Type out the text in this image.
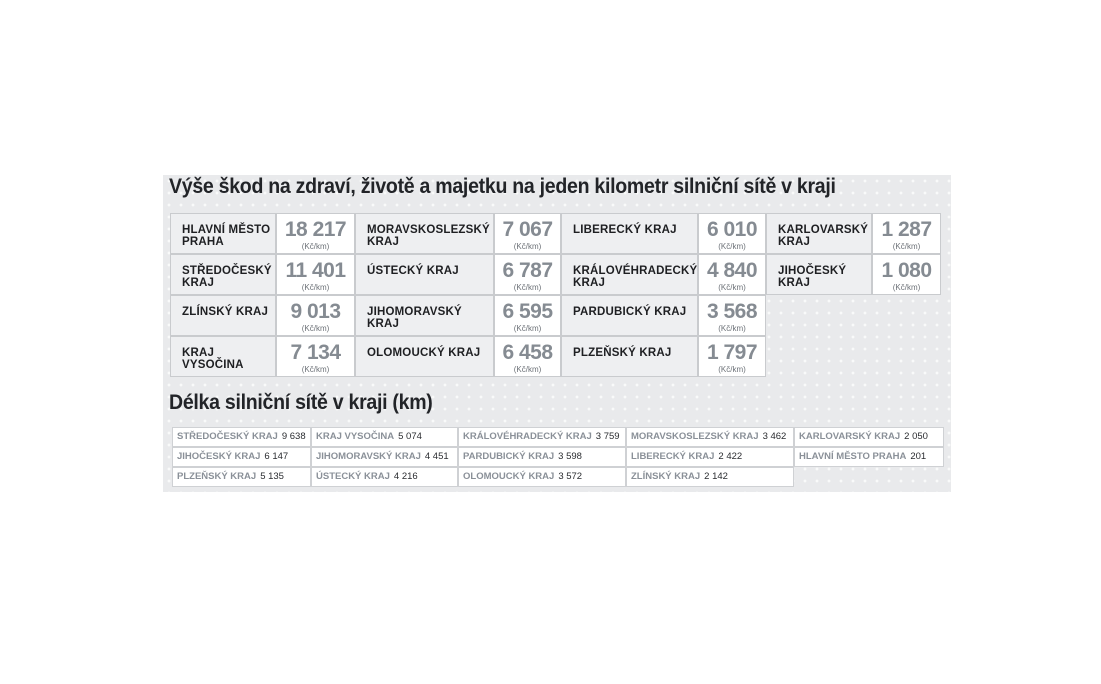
Výše škod na zdraví, životě a majetku na jeden kilometr silniční sítě v kraji
HLAVNÍ MĚSTO PRAHA
18 217
(Kč/km)
MORAVSKOSLEZSKÝ KRAJ
7 067
(Kč/km)
LIBERECKÝ KRAJ	6 010
(Kč/km)
KARLOVARSKÝ KRAJ
1 287
(Kč/km)
STŘEDOČESKÝ KRAJ
11 401
(Kč/km)
ÚSTECKÝ KRAJ	6 787
(Kč/km)
KRÁLOVÉHRADECKÝ KRAJ
4 840
(Kč/km)
JIHOČESKÝ KRAJ
1 080
(Kč/km)
ZLÍNSKÝ KRAJ	9 013
(Kč/km)
JIHOMORAVSKÝ KRAJ
6 595
(Kč/km)
PARDUBICKÝ KRAJ 3 568
(Kč/km)
KRAJ VYSOČINA
7 134
(Kč/km)
OLOMOUCKÝ KRAJ	6 458
(Kč/km)
PLZEŇSKÝ KRAJ	1 797
(Kč/km)
Délka silniční sítě v kraji (km)
STŘEDOČESKÝ KRAJ 9 638	KRAJ VYSOČINA 5 074	KRÁLOVÉHRADECKÝ KRAJ 3 759	MORAVSKOSLEZSKÝ KRAJ 3 462	KARLOVARSKÝ KRAJ 2 050
JIHOČESKÝ KRAJ 6 147	JIHOMORAVSKÝ KRAJ 4 451	PARDUBICKÝ KRAJ 3 598	LIBERECKÝ KRAJ 2 422	HLAVNÍ MĚSTO PRAHA 201
PLZEŇSKÝ KRAJ 5 135	ÚSTECKÝ KRAJ 4 216	OLOMOUCKÝ KRAJ 3 572	ZLÍNSKÝ KRAJ 2 142
